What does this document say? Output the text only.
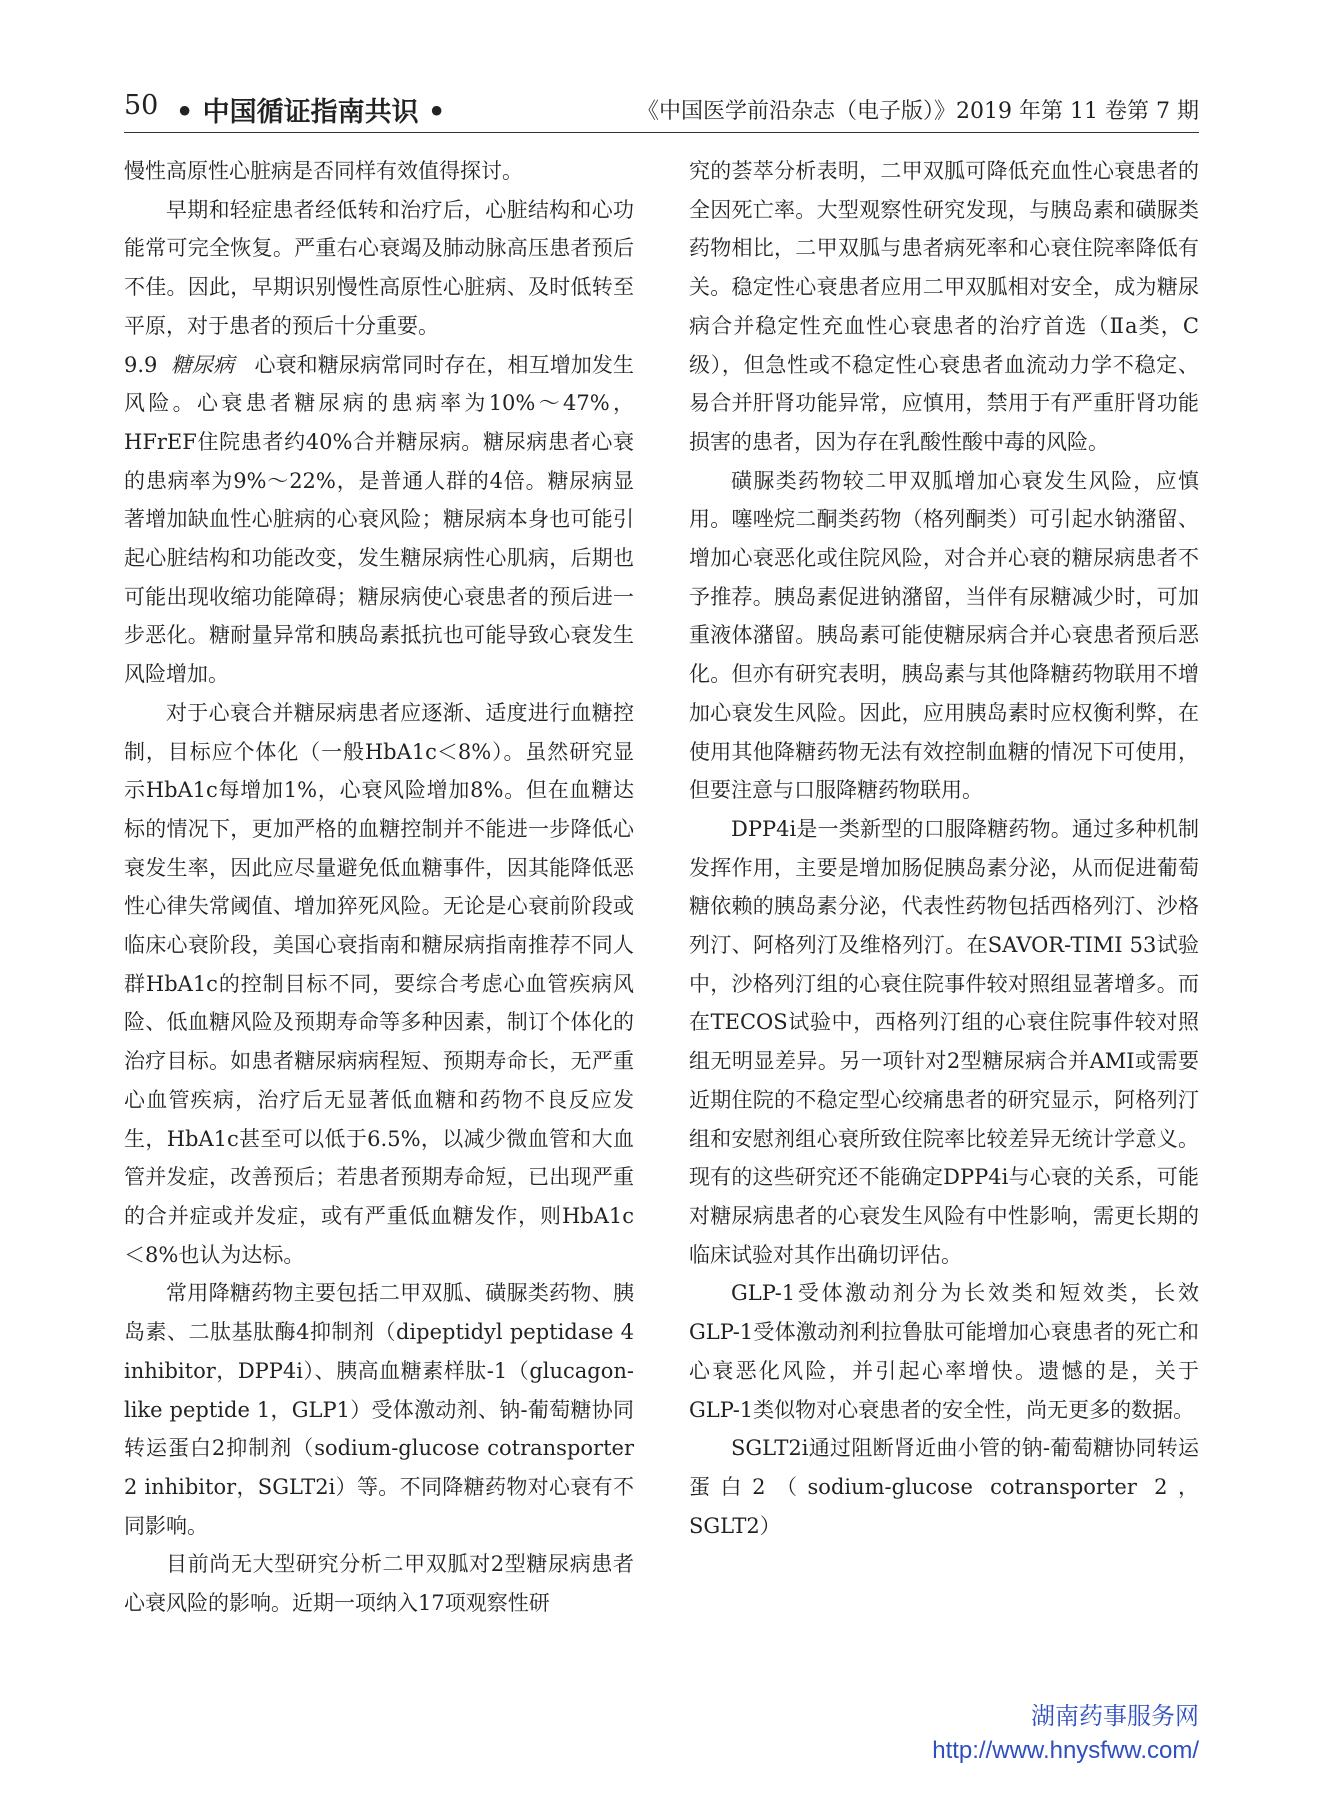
50 • 中国循证指南共识 •	《中国医学前沿杂志（电子版）》2019 年第 11 卷第 7 期

慢性高原性心脏病是否同样有效值得探讨。

早期和轻症患者经低转和治疗后，心脏结构和心功能常可完全恢复。严重右心衰竭及肺动脉高压患者预后不佳。因此，早期识别慢性高原性心脏病、及时低转至平原，对于患者的预后十分重要。

9.9 糖尿病 心衰和糖尿病常同时存在，相互增加发生风险。心衰患者糖尿病的患病率为10%～47%，HFrEF住院患者约40%合并糖尿病。糖尿病患者心衰的患病率为9%～22%，是普通人群的4倍。糖尿病显著增加缺血性心脏病的心衰风险；糖尿病本身也可能引起心脏结构和功能改变，发生糖尿病性心肌病，后期也可能出现收缩功能障碍；糖尿病使心衰患者的预后进一步恶化。糖耐量异常和胰岛素抵抗也可能导致心衰发生风险增加。

对于心衰合并糖尿病患者应逐渐、适度进行血糖控制，目标应个体化（一般HbA1c＜8%）。虽然研究显示HbA1c每增加1%，心衰风险增加8%。但在血糖达标的情况下，更加严格的血糖控制并不能进一步降低心衰发生率，因此应尽量避免低血糖事件，因其能降低恶性心律失常阈值、增加猝死风险。无论是心衰前阶段或临床心衰阶段，美国心衰指南和糖尿病指南推荐不同人群HbA1c的控制目标不同，要综合考虑心血管疾病风险、低血糖风险及预期寿命等多种因素，制订个体化的治疗目标。如患者糖尿病病程短、预期寿命长，无严重心血管疾病，治疗后无显著低血糖和药物不良反应发生，HbA1c甚至可以低于6.5%，以减少微血管和大血管并发症，改善预后；若患者预期寿命短，已出现严重的合并症或并发症，或有严重低血糖发作，则HbA1c＜8%也认为达标。

常用降糖药物主要包括二甲双胍、磺脲类药物、胰岛素、二肽基肽酶4抑制剂（dipeptidyl peptidase 4 inhibitor，DPP4i）、胰高血糖素样肽-1（glucagon-like peptide 1，GLP1）受体激动剂、钠-葡萄糖协同转运蛋白2抑制剂（sodium-glucose cotransporter 2 inhibitor，SGLT2i）等。不同降糖药物对心衰有不同影响。

目前尚无大型研究分析二甲双胍对2型糖尿病患者心衰风险的影响。近期一项纳入17项观察性研

究的荟萃分析表明，二甲双胍可降低充血性心衰患者的全因死亡率。大型观察性研究发现，与胰岛素和磺脲类药物相比，二甲双胍与患者病死率和心衰住院率降低有关。稳定性心衰患者应用二甲双胍相对安全，成为糖尿病合并稳定性充血性心衰患者的治疗首选（Ⅱa类，C级），但急性或不稳定性心衰患者血流动力学不稳定、易合并肝肾功能异常，应慎用，禁用于有严重肝肾功能损害的患者，因为存在乳酸性酸中毒的风险。

磺脲类药物较二甲双胍增加心衰发生风险，应慎用。噻唑烷二酮类药物（格列酮类）可引起水钠潴留、增加心衰恶化或住院风险，对合并心衰的糖尿病患者不予推荐。胰岛素促进钠潴留，当伴有尿糖减少时，可加重液体潴留。胰岛素可能使糖尿病合并心衰患者预后恶化。但亦有研究表明，胰岛素与其他降糖药物联用不增加心衰发生风险。因此，应用胰岛素时应权衡利弊，在使用其他降糖药物无法有效控制血糖的情况下可使用，但要注意与口服降糖药物联用。

DPP4i是一类新型的口服降糖药物。通过多种机制发挥作用，主要是增加肠促胰岛素分泌，从而促进葡萄糖依赖的胰岛素分泌，代表性药物包括西格列汀、沙格列汀、阿格列汀及维格列汀。在SAVOR-TIMI 53试验中，沙格列汀组的心衰住院事件较对照组显著增多。而在TECOS试验中，西格列汀组的心衰住院事件较对照组无明显差异。另一项针对2型糖尿病合并AMI或需要近期住院的不稳定型心绞痛患者的研究显示，阿格列汀组和安慰剂组心衰所致住院率比较差异无统计学意义。现有的这些研究还不能确定DPP4i与心衰的关系，可能对糖尿病患者的心衰发生风险有中性影响，需更长期的临床试验对其作出确切评估。

GLP-1受体激动剂分为长效类和短效类，长效GLP-1受体激动剂利拉鲁肽可能增加心衰患者的死亡和心衰恶化风险，并引起心率增快。遗憾的是，关于GLP-1类似物对心衰患者的安全性，尚无更多的数据。

SGLT2i通过阻断肾近曲小管的钠-葡萄糖协同转运蛋白2（sodium-glucose cotransporter 2，SGLT2）

湖南药事服务网
http://www.hnysfww.com/
